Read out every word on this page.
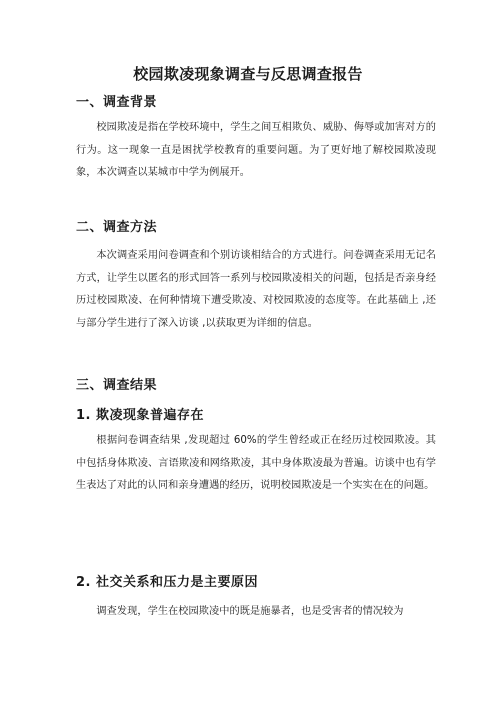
校园欺凌现象调查与反思调查报告
一、调查背景
校园欺凌是指在学校环境中，学生之间互相欺负、威胁、侮辱或加害对方的行为。这一现象一直是困扰学校教育的重要问题。为了更好地了解校园欺凌现象，本次调查以某城市中学为例展开。
二、调查方法
本次调查采用问卷调查和个别访谈相结合的方式进行。问卷调查采用无记名方式，让学生以匿名的形式回答一系列与校园欺凌相关的问题，包括是否亲身经历过校园欺凌、在何种情境下遭受欺凌、对校园欺凌的态度等。在此基础上 ,还与部分学生进行了深入访谈 ,以获取更为详细的信息。
三、调查结果
1. 欺凌现象普遍存在
根据问卷调查结果 ,发现超过 60%的学生曾经或正在经历过校园欺凌。其中包括身体欺凌、言语欺凌和网络欺凌，其中身体欺凌最为普遍。访谈中也有学生表达了对此的认同和亲身遭遇的经历，说明校园欺凌是一个实实在在的问题。
2. 社交关系和压力是主要原因
调查发现，学生在校园欺凌中的既是施暴者，也是受害者的情况较为
